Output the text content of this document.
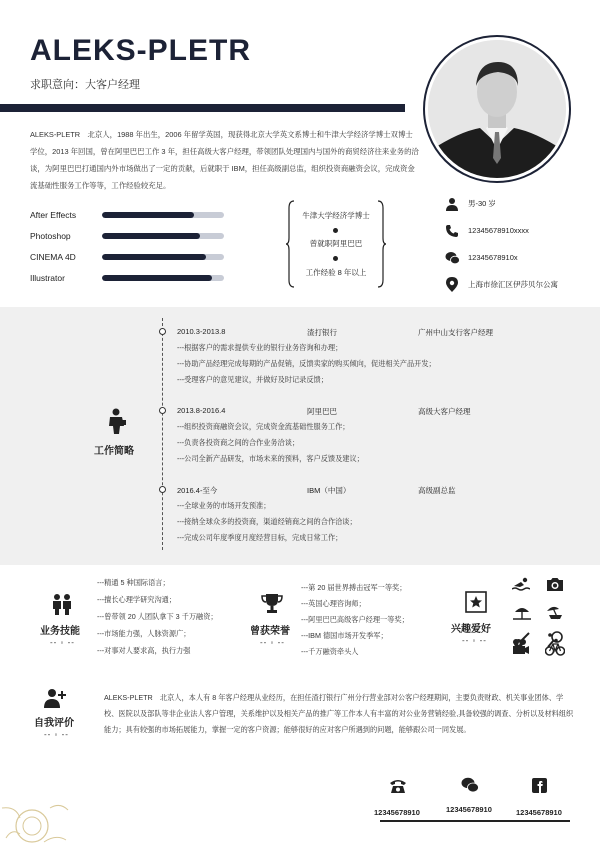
ALEKS-PLETR
求职意向：大客户经理
ALEKS-PLETR　北京人，1988 年出生，2006 年留学英国，现获得北京大学英文系博士和牛津大学经济学博士双博士学位，2013 年回国，曾在阿里巴巴工作 3 年，担任高级大客户经理，带领团队处理国内与国外的商贸经济往来业务的洽谈，为阿里巴巴打通国内外市场做出了一定的贡献，后就职于 IBM，担任高级副总监，组织投资商融资会议，完成资金流基础性服务工作等等，工作经验较充足。
After Effects
Photoshop
CINEMA 4D
Illustrator
牛津大学经济学博士
曾就职阿里巴巴
工作经验 8 年以上
男-30 岁
12345678910xxxx
12345678910x
上海市徐汇区伊莎贝尔公寓
工作简略
2010.3-2013.8	渣打银行	广州中山支行客户经理
---根据客户的需求提供专业的银行业务咨询和办理；
---协助产品经理完成每期的产品促销，反馈卖家的购买倾向，促进相关产品开发；
---受理客户的意见建议，并做好及时记录反馈；
2013.8-2016.4	阿里巴巴	高级大客户经理
---组织投资商融资会议，完成资金流基础性服务工作；
---负责各投资商之间的合作业务洽谈；
---公司全新产品研发，市场未来的预料，客户反馈及建议；
2016.4-至今	IBM（中国）	高级副总监
---全球业务的市场开发预准；
---接纳全球众多的投资商，渠道经销商之间的合作洽谈；
---完成公司年度季度月度经营目标，完成日常工作；
业务技能
-- ◦ --
---精通 5 种国际语言；
---擅长心理学研究沟通；
---曾带领 20 人团队拿下 3 千万融资；
---市场能力强，人脉资源广；
---对事对人要求高，执行力强
曾获荣誉
-- ◦ --
---第 20 届世界搏击冠军一等奖；
---英国心理咨询师；
---阿里巴巴高级客户经理一等奖；
---IBM 德国市场开发季军；
---千万融资牵头人
兴趣爱好
-- ◦ --
自我评价
-- ◦ --
ALEKS-PLETR　北京人，本人有 8 年客户经理从业经历，在担任渣打银行广州分行营业部对公客户经理期间，主要负责财政、机关事业团体、学校、医院以及部队等非企业法人客户管理，关系维护以及相关产品的推广等工作本人有丰富的对公业务营销经验,具备较强的调查、分析以及材料组织能力；具有较强的市场拓展能力，掌握一定的客户资源；能够很好的应对客户所遇到的问题，能够跟公司一同发展。
12345678910	12345678910	12345678910
